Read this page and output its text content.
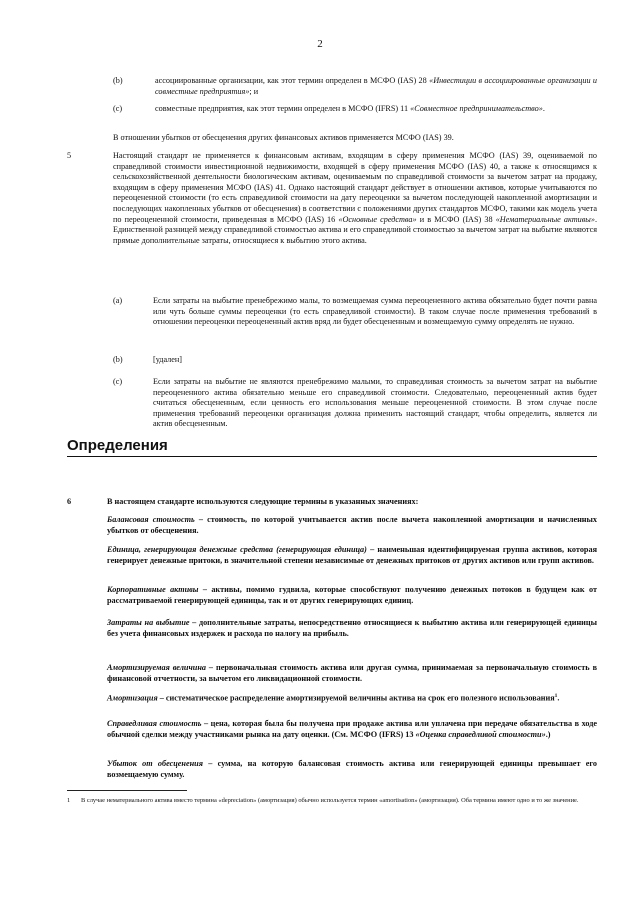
2
(b)	ассоциированные организации, как этот термин определен в МСФО (IAS) 28 «Инвестиции в ассоциированные организации и совместные предприятия»; и
(c)	совместные предприятия, как этот термин определен в МСФО (IFRS) 11 «Совместное предпринимательство».
В отношении убытков от обесценения других финансовых активов применяется МСФО (IAS) 39.
5	Настоящий стандарт не применяется к финансовым активам, входящим в сферу применения МСФО (IAS) 39, оцениваемой по справедливой стоимости инвестиционной недвижимости, входящей в сферу применения МСФО (IAS) 40, а также к относящимся к сельскохозяйственной деятельности биологическим активам, оцениваемым по справедливой стоимости за вычетом затрат на продажу, входящим в сферу применения МСФО (IAS) 41. Однако настоящий стандарт действует в отношении активов, которые учитываются по переоцененной стоимости (то есть справедливой стоимости на дату переоценки за вычетом последующей накопленной амортизации и последующих накопленных убытков от обесценения) в соответствии с положениями других стандартов МСФО, такими как модель учета по переоцененной стоимости, приведенная в МСФО (IAS) 16 «Основные средства» и в МСФО (IAS) 38 «Нематериальные активы». Единственной разницей между справедливой стоимостью актива и его справедливой стоимостью за вычетом затрат на выбытие являются прямые дополнительные затраты, относящиеся к выбытию этого актива.
(a)	Если затраты на выбытие пренебрежимо малы, то возмещаемая сумма переоцененного актива обязательно будет почти равна или чуть больше суммы переоценки (то есть справедливой стоимости). В таком случае после применения требований в отношении переоценки переоцененный актив вряд ли будет обесцененным и возмещаемую сумму определять не нужно.
(b)	[удален]
(c)	Если затраты на выбытие не являются пренебрежимо малыми, то справедливая стоимость за вычетом затрат на выбытие переоцененного актива обязательно меньше его справедливой стоимости. Следовательно, переоцененный актив будет считаться обесцененным, если ценность его использования меньше переоцененной стоимости. В этом случае после применения требований переоценки организация должна применить настоящий стандарт, чтобы определить, является ли актив обесцененным.
Определения
6	В настоящем стандарте используются следующие термины в указанных значениях:
Балансовая стоимость – стоимость, по которой учитывается актив после вычета накопленной амортизации и начисленных убытков от обесценения.
Единица, генерирующая денежные средства (генерирующая единица) – наименьшая идентифицируемая группа активов, которая генерирует денежные притоки, в значительной степени независимые от денежных притоков от других активов или групп активов.
Корпоративные активы – активы, помимо гудвила, которые способствуют получению денежных потоков в будущем как от рассматриваемой генерирующей единицы, так и от других генерирующих единиц.
Затраты на выбытие – дополнительные затраты, непосредственно относящиеся к выбытию актива или генерирующей единицы без учета финансовых издержек и расхода по налогу на прибыль.
Амортизируемая величина – первоначальная стоимость актива или другая сумма, принимаемая за первоначальную стоимость в финансовой отчетности, за вычетом его ликвидационной стоимости.
Амортизация – систематическое распределение амортизируемой величины актива на срок его полезного использования$^1$.
Справедливая стоимость – цена, которая была бы получена при продаже актива или уплачена при передаче обязательства в ходе обычной сделки между участниками рынка на дату оценки. (См. МСФО (IFRS) 13 «Оценка справедливой стоимости».)
Убыток от обесценения – сумма, на которую балансовая стоимость актива или генерирующей единицы превышает его возмещаемую сумму.
1 В случае нематериального актива вместо термина «depreciation» (амортизация) обычно используется термин «amortisation» (амортизация). Оба термина имеют одно и то же значение.
